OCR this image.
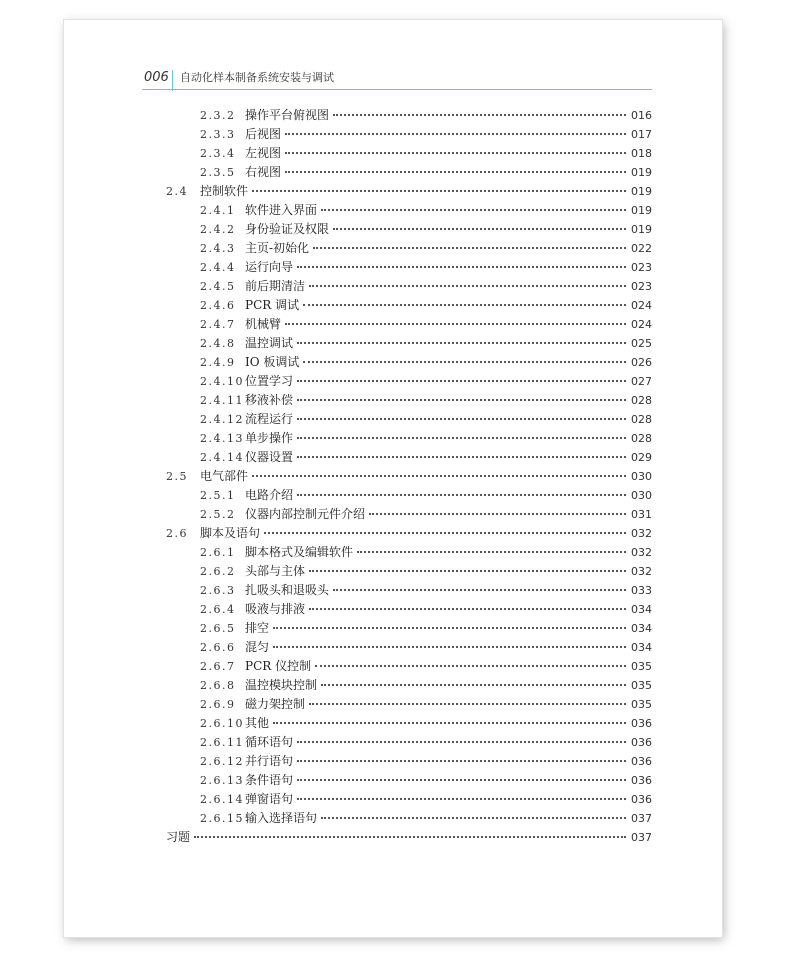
006	自动化样本制备系统安装与调试
2.3.2 操作平台俯视图	016
2.3.3 后视图	017
2.3.4 左视图	018
2.3.5 右视图	019
2.4	控制软件	019
2.4.1 软件进入界面	019
2.4.2 身份验证及权限	019
2.4.3 主页-初始化	022
2.4.4 运行向导	023
2.4.5 前后期清洁	023
2.4.6 PCR 调试	024
2.4.7 机械臂	024
2.4.8 温控调试	025
2.4.9 IO 板调试	026
2.4.10 位置学习	027
2.4.11 移液补偿	028
2.4.12 流程运行	028
2.4.13 单步操作	028
2.4.14 仪器设置	029
2.5	电气部件	030
2.5.1 电路介绍	030
2.5.2 仪器内部控制元件介绍	031
2.6	脚本及语句	032
2.6.1 脚本格式及编辑软件	032
2.6.2 头部与主体	032
2.6.3 扎吸头和退吸头	033
2.6.4 吸液与排液	034
2.6.5 排空	034
2.6.6 混匀	034
2.6.7 PCR 仪控制	035
2.6.8 温控模块控制	035
2.6.9 磁力架控制	035
2.6.10 其他	036
2.6.11 循环语句	036
2.6.12 并行语句	036
2.6.13 条件语句	036
2.6.14 弹窗语句	036
2.6.15 输入选择语句	037
习题	037
